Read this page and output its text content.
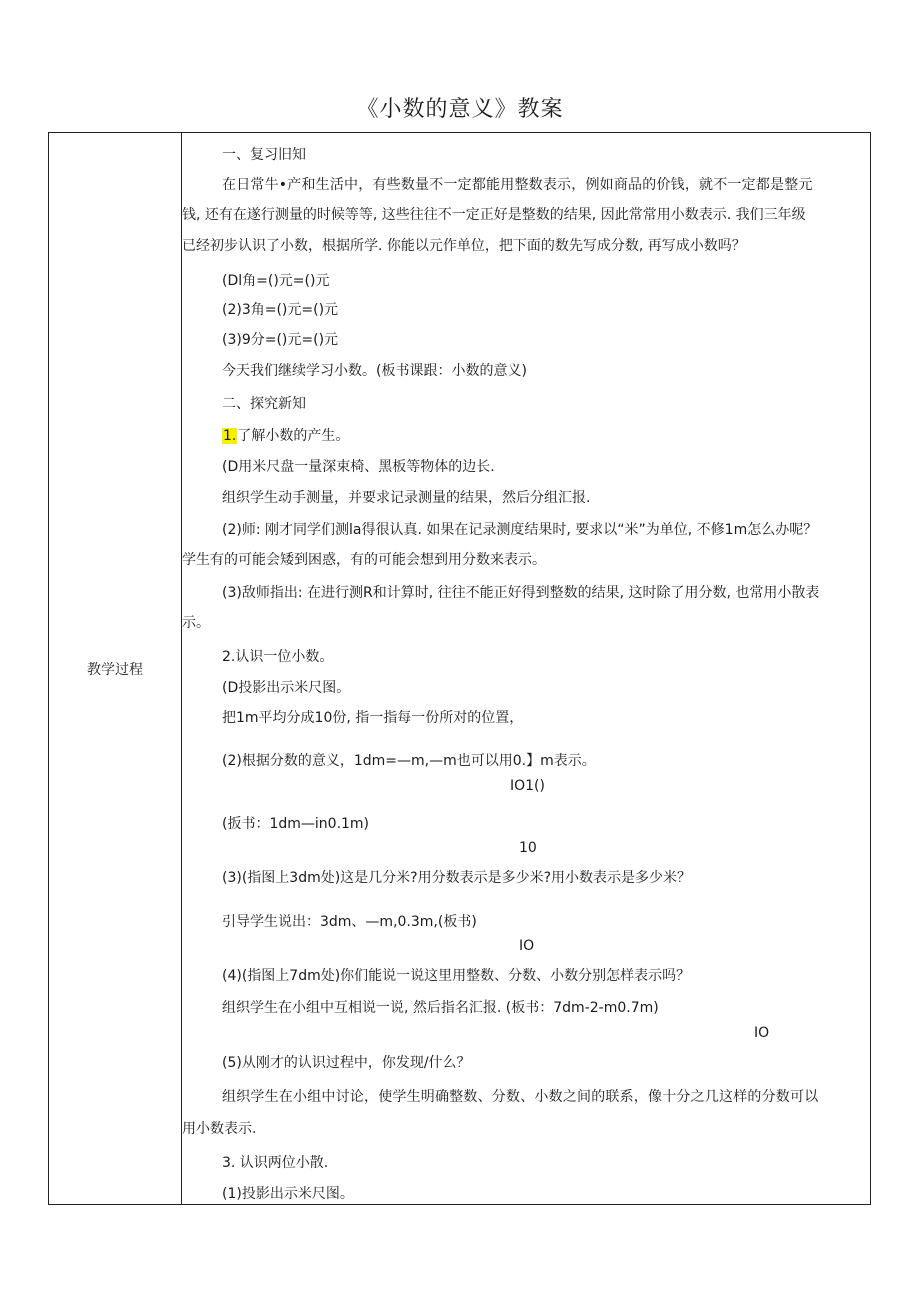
《小数的意义》教案
教学过程
一、复习旧知
在日常牛•产和生活中，有些数量不一定都能用整数表示，例如商品的价钱，就不一定都是整元
钱, 还有在遂行测量的时候等等, 这些往往不一定正好是整数的结果, 因此常常用小数表示. 我们三年级
已经初步认识了小数，根据所学. 你能以元作单位，把下面的数先写成分数, 再写成小数吗？
(Dl角=()元=()元
(2)3角=()元=()元
(3)9分=()元=()元
今天我们继续学习小数。(板书课跟：小数的意义)
二、探究新知
1.了解小数的产生。
(D用米尺盘一量深束椅、黑板等物体的边长.
组织学生动手测量，并要求记录测量的结果，然后分组汇报.
(2)师: 刚才同学们测la得很认真. 如果在记录测度结果时, 要求以“米”为单位, 不修1m怎么办呢？
学生有的可能会矮到困惑，有的可能会想到用分数来表示。
(3)敌师指出: 在进行测R和计算时, 往往不能正好得到整数的结果, 这时除了用分数, 也常用小散表
示。
2.认识一位小数。
(D投影出示米尺图。
把1m平均分成10份, 指一指每一份所对的位置，
(2)根据分数的意义，1dm=—m,—m也可以用0.】m表示。
IO1()
(扳书：1dm—in0.1m)
10
(3)(指图上3dm处)这是几分米?用分数表示是多少米?用小数表示是多少米？
引导学生说出：3dm、—m,0.3m,(板书)
IO
(4)(指图上7dm处)你们能说一说这里用整数、分数、小数分别怎样表示吗？
组织学生在小组中互相说一说, 然后指名汇报. (板书：7dm-2-m0.7m)
IO
(5)从刚才的认识过程中，你发现/什么？
组织学生在小组中讨论，使学生明确整数、分数、小数之间的联系，像十分之几这样的分数可以
用小数表示.
3. 认识两位小散.
(1)投影出示米尺图。
